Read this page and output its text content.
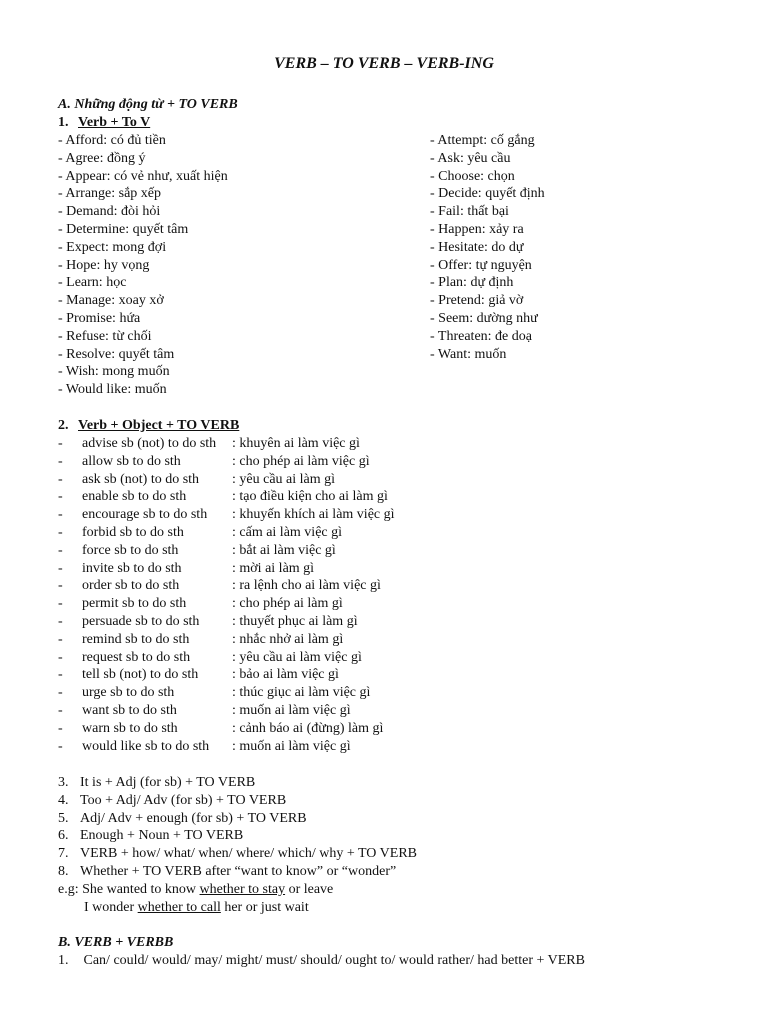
VERB – TO VERB – VERB-ING
A. Những động từ + TO VERB
1. Verb + To V
- Afford: có đủ tiền
- Agree: đồng ý
- Appear: có vẻ như, xuất hiện
- Arrange: sắp xếp
- Demand: đòi hỏi
- Determine: quyết tâm
- Expect: mong đợi
- Hope: hy vọng
- Learn: học
- Manage: xoay xở
- Promise: hứa
- Refuse: từ chối
- Resolve: quyết tâm
- Wish: mong muốn
- Would like: muốn
- Attempt: cố gắng
- Ask: yêu cầu
- Choose: chọn
- Decide: quyết định
- Fail: thất bại
- Happen: xảy ra
- Hesitate: do dự
- Offer: tự nguyện
- Plan: dự định
- Pretend: giả vờ
- Seem: dường như
- Threaten: đe doạ
- Want: muốn
2. Verb + Object + TO VERB
- advise sb (not) to do sth : khuyên ai làm việc gì
- allow sb to do sth	: cho phép ai làm việc gì
- ask sb (not) to do sth : yêu cầu ai làm gì
- enable sb to do sth	: tạo điều kiện cho ai làm gì
- encourage sb to do sth : khuyến khích ai làm việc gì
- forbid sb to do sth	: cấm ai làm việc gì
- force sb to do sth	: bắt ai làm việc gì
- invite sb to do sth	: mời ai làm gì
- order sb to do sth	: ra lệnh cho ai làm việc gì
- permit sb to do sth	: cho phép ai làm gì
- persuade sb to do sth : thuyết phục ai làm gì
- remind sb to do sth	: nhắc nhở ai làm gì
- request sb to do sth	: yêu cầu ai làm việc gì
- tell sb (not) to do sth : bảo ai làm việc gì
- urge sb to do sth	: thúc giục ai làm việc gì
- want sb to do sth	: muốn ai làm việc gì
- warn sb to do sth	: cảnh báo ai (đừng) làm gì
- would like sb to do sth : muốn ai làm việc gì
3. It is + Adj (for sb) + TO VERB
4. Too + Adj/ Adv (for sb) + TO VERB
5. Adj/ Adv + enough (for sb) + TO VERB
6. Enough + Noun + TO VERB
7. VERB + how/ what/ when/ where/ which/ why + TO VERB
8. Whether + TO VERB after “want to know” or “wonder”
e.g: She wanted to know whether to stay or leave
I wonder whether to call her or just wait
B. VERB + VERBB
1. Can/ could/ would/ may/ might/ must/ should/ ought to/ would rather/ had better + VERB
